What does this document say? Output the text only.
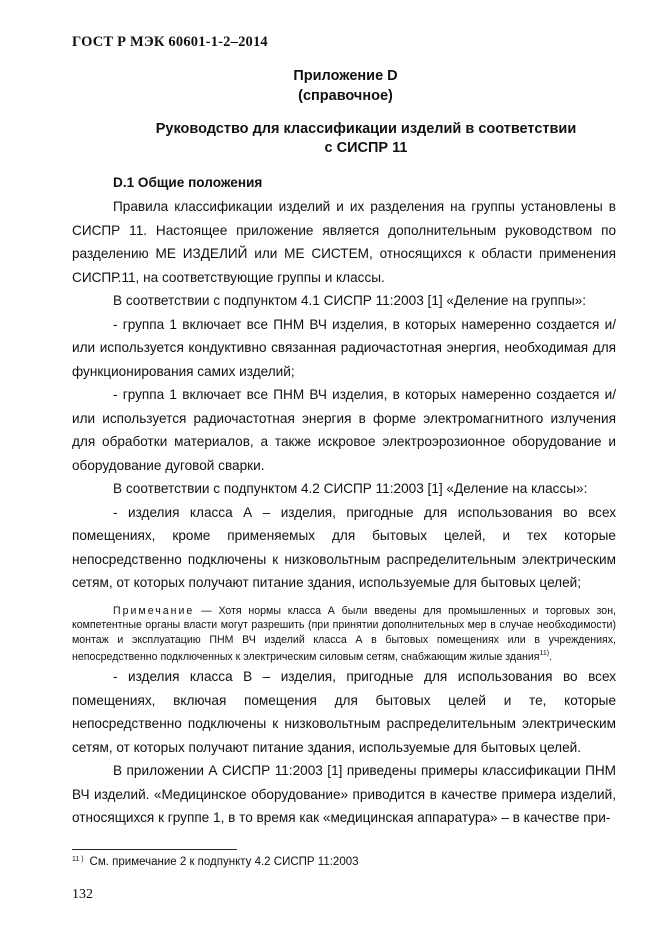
ГОСТ Р МЭК 60601-1-2–2014
Приложение D
(справочное)
Руководство для классификации изделий в соответствии
с СИСПР 11
D.1 Общие положения

Правила классификации изделий и их разделения на группы установлены в СИСПР 11. Настоящее приложение является дополнительным руководством по разделению МЕ ИЗДЕЛИЙ или МЕ СИСТЕМ, относящихся к области применения СИСПР.11, на соответствующие группы и классы.

В соответствии с подпунктом 4.1 СИСПР 11:2003 [1] «Деление на группы»:

- группа 1 включает все ПНМ ВЧ изделия, в которых намеренно создается и/или используется кондуктивно связанная радиочастотная энергия, необходимая для функционирования самих изделий;

- группа 1 включает все ПНМ ВЧ изделия, в которых намеренно создается и/или используется радиочастотная энергия в форме электромагнитного излучения для обработки материалов, а также искровое электроэрозионное оборудование и оборудование дуговой сварки.

В соответствии с подпунктом 4.2 СИСПР 11:2003 [1] «Деление на классы»:

- изделия класса А – изделия, пригодные для использования во всех помещениях, кроме применяемых для бытовых целей, и тех которые непосредственно подключены к низковольтным распределительным электрическим сетям, от которых получают питание здания, используемые для бытовых целей;

Примечание — Хотя нормы класса А были введены для промышленных и торговых зон, компетентные органы власти могут разрешить (при принятии дополнительных мер в случае необходимости) монтаж и эксплуатацию ПНМ ВЧ изделий класса А в бытовых помещениях или в учреждениях, непосредственно подключенных к электрическим силовым сетям, снабжающим жилые здания$^{11)}$.

- изделия класса В – изделия, пригодные для использования во всех помещениях, включая помещения для бытовых целей и те, которые непосредственно подключены к низковольтным распределительным электрическим сетям, от которых получают питание здания, используемые для бытовых целей.

В приложении А СИСПР 11:2003 [1] приведены примеры классификации ПНМ ВЧ изделий. «Медицинское оборудование» приводится в качестве примера изделий, относящихся к группе 1, в то время как «медицинская аппаратура» – в качестве при-

$^{11 )}$ См. примечание 2 к подпункту 4.2 СИСПР 11:2003
132
